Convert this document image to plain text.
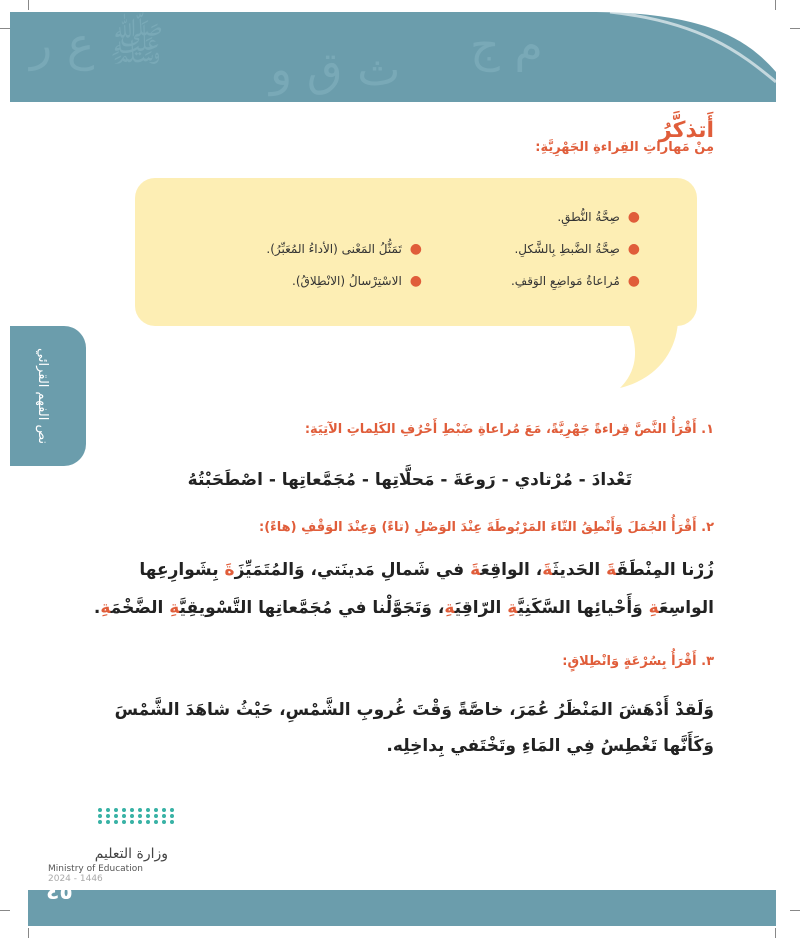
ﷺ ﻉ ﺭ ﺙ ﻕ ﻭ ﻡ ﺝ
نص الفهم القرائي
أَتذكَّرُ
مِنْ مَهاراتِ القِراءةِ الجَهْرِيَّةِ:
●صِحَّةُ النُّطقِ.
●صِحَّةُ الضَّبطِ بِالشَّكلِ.
●مُراعاةُ مَواضِعِ الوَقفِ.
●تَمَثُّلُ المَعْنى (الأداءُ المُعَبِّرُ).
●الاسْتِرْسالُ (الانْطِلاقُ).
١. أَقْرَأُ النَّصَّ قِراءةً جَهْرِيَّةً، مَعَ مُراعاةِ ضَبْطِ أَحْرُفِ الكَلِماتِ الآتِيَةِ:
تَعْدادَ - مُرْتادي - رَوعَةَ - مَحلَّاتِها - مُجَمَّعاتِها - اصْطَحَبْتُهُ
٢. أَقْرَأُ الجُمَلَ وَأَنْطِقُ التّاءَ المَرْبُوطَةَ عِنْدَ الوَصْلِ (تاءً) وَعِنْدَ الوَقْفِ (هاءً):
زُرْنا المِنْطَقَةَ الحَديثَةَ، الواقِعَةَ في شَمالِ مَدينَتي، وَالمُتَمَيِّزَةَ بِشَوارِعِها
الواسِعَةِ وَأَحْيائِها السَّكَنِيَّةِ الرّاقِيَةِ، وَتَجَوَّلْنا في مُجَمَّعاتِها التَّسْويقِيَّةِ الضَّخْمَةِ.
٣. أَقْرَأُ بِسُرْعَةٍ وَانْطِلاقٍ:
وَلَقدْ أَدْهَشَ المَنْظَرُ عُمَرَ، خاصَّةً وَقْتَ غُروبِ الشَّمْسِ، حَيْثُ شاهَدَ الشَّمْسَ
وَكَأَنَّها تَغْطِسُ فِي المَاءِ وتَخْتَفي بِداخِلِه.
وزارة التعليم
Ministry of Education
2024 - 1446
٤٥
